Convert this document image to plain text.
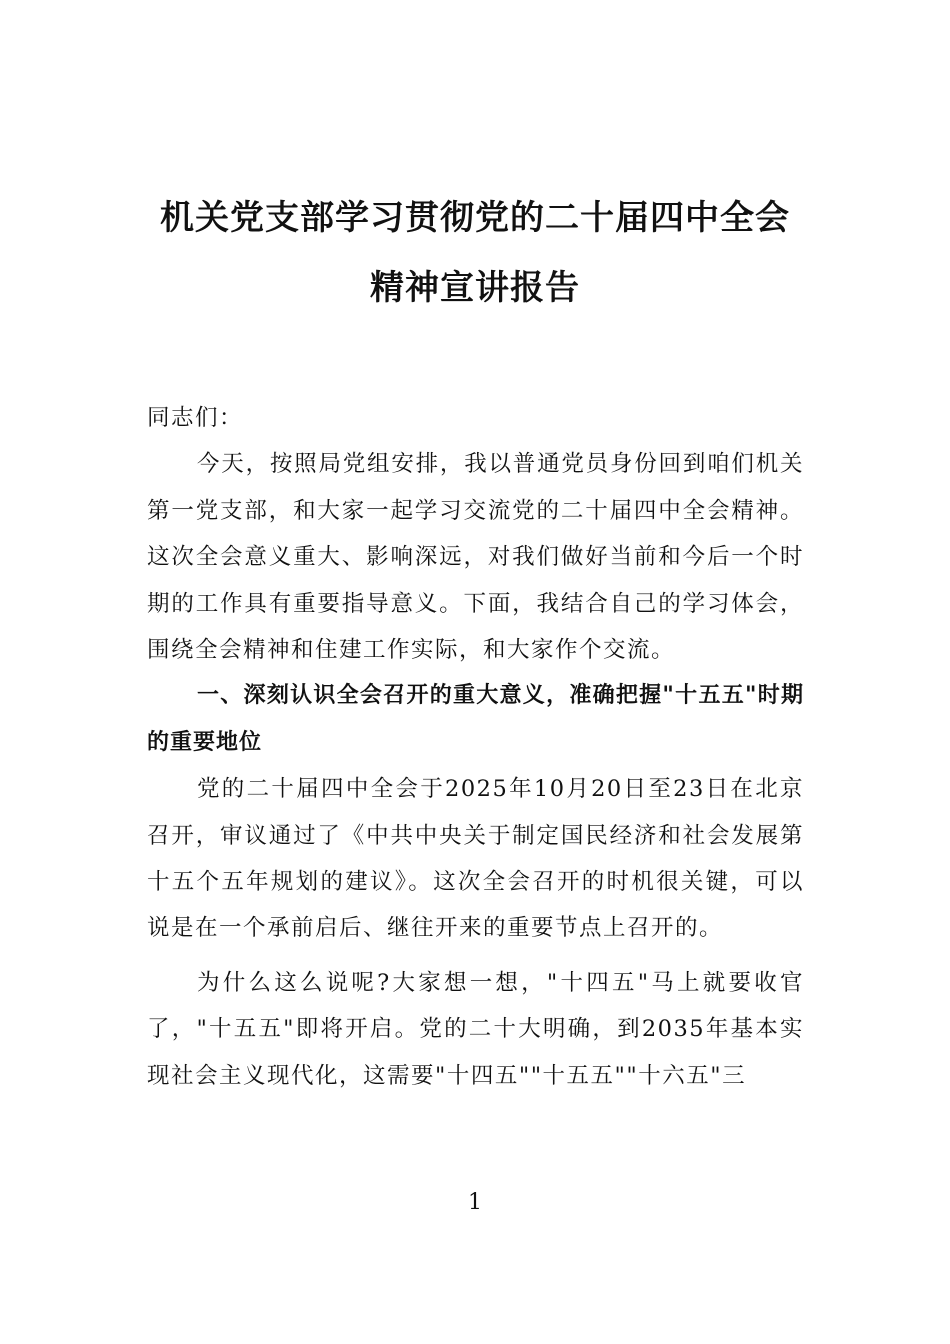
机关党支部学习贯彻党的二十届四中全会
精神宣讲报告

同志们：

今天，按照局党组安排，我以普通党员身份回到咱们机关第一党支部，和大家一起学习交流党的二十届四中全会精神。这次全会意义重大、影响深远，对我们做好当前和今后一个时期的工作具有重要指导意义。下面，我结合自己的学习体会，围绕全会精神和住建工作实际，和大家作个交流。

一、深刻认识全会召开的重大意义，准确把握"十五五"时期的重要地位

党的二十届四中全会于2025年10月20日至23日在北京召开，审议通过了《中共中央关于制定国民经济和社会发展第十五个五年规划的建议》。这次全会召开的时机很关键，可以说是在一个承前启后、继往开来的重要节点上召开的。

为什么这么说呢?大家想一想，"十四五"马上就要收官了，"十五五"即将开启。党的二十大明确，到2035年基本实现社会主义现代化，这需要"十四五""十五五""十六五"三

1
